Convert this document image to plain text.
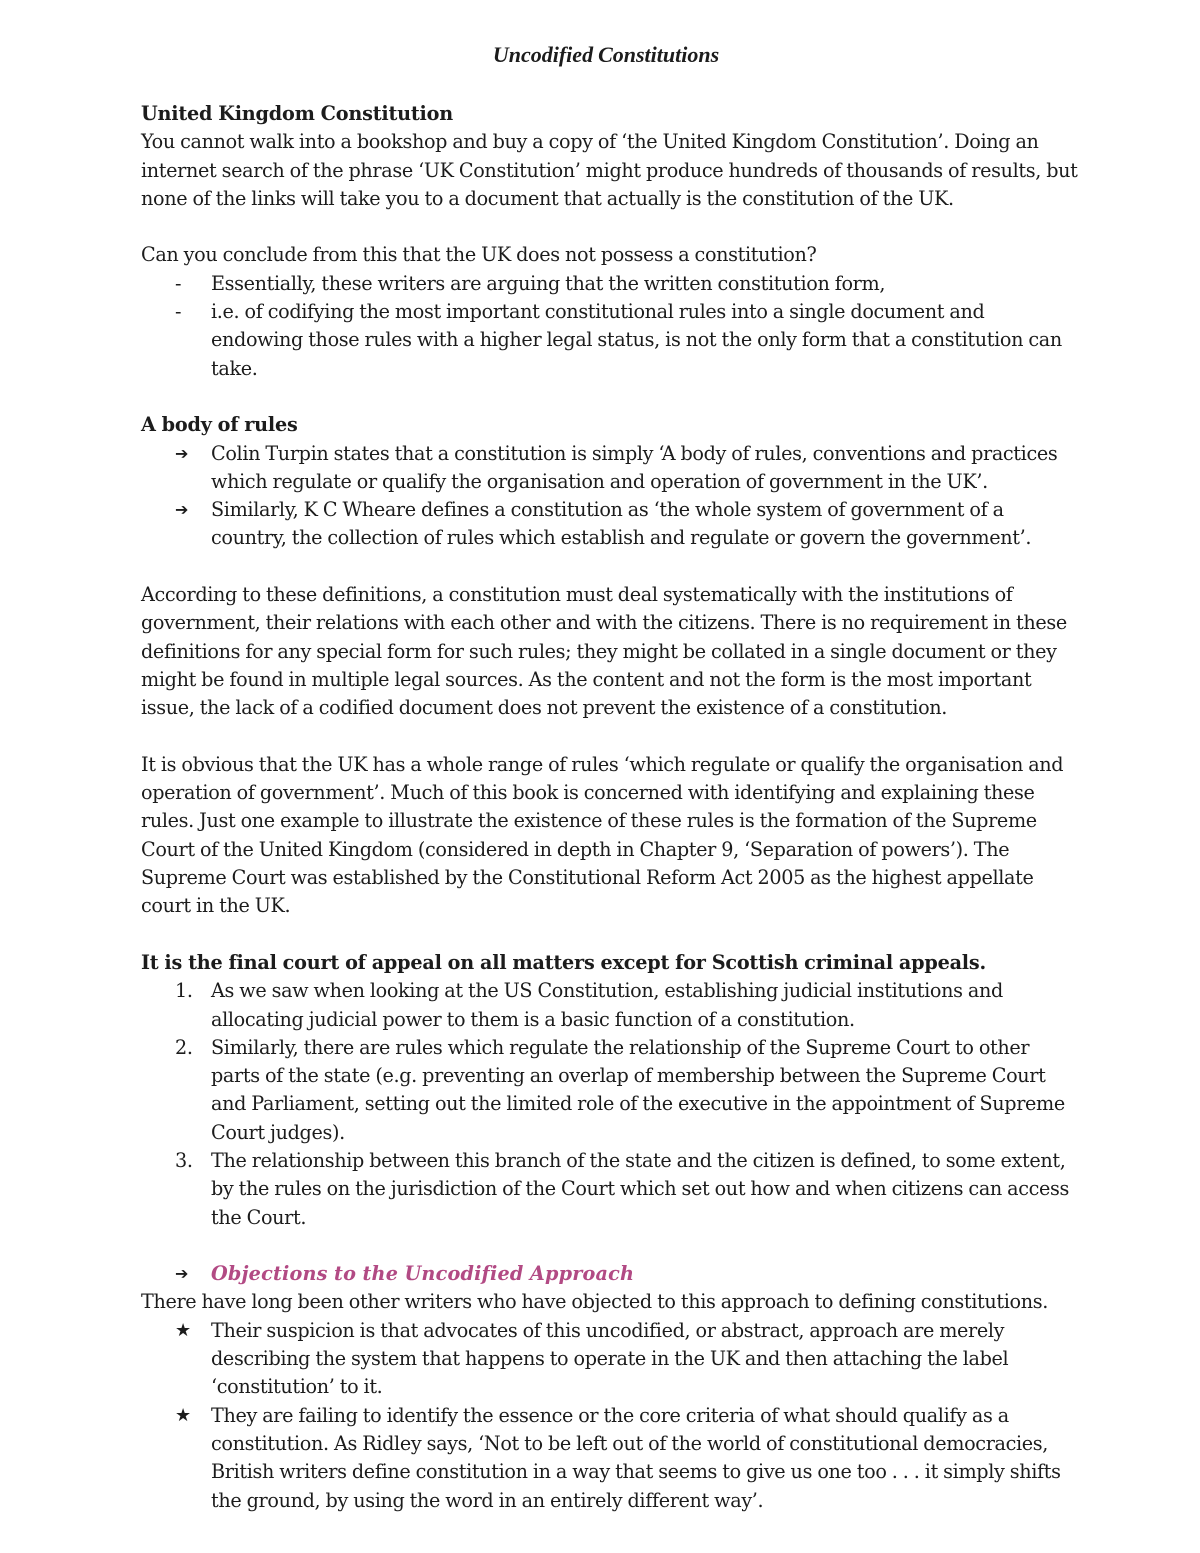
Uncodified Constitutions
United Kingdom Constitution

You cannot walk into a bookshop and buy a copy of ‘the United Kingdom Constitution’. Doing an internet search of the phrase ‘UK Constitution’ might produce hundreds of thousands of results, but none of the links will take you to a document that actually is the constitution of the UK.

Can you conclude from this that the UK does not possess a constitution?

-	Essentially, these writers are arguing that the written constitution form,
-	i.e. of codifying the most important constitutional rules into a single document and endowing those rules with a higher legal status, is not the only form that a constitution can take.
A body of rules
➔	Colin Turpin states that a constitution is simply ‘A body of rules, conventions and practices which regulate or qualify the organisation and operation of government in the UK’.
➔	Similarly, K C Wheare defines a constitution as ‘the whole system of government of a country, the collection of rules which establish and regulate or govern the government’.

According to these definitions, a constitution must deal systematically with the institutions of government, their relations with each other and with the citizens. There is no requirement in these definitions for any special form for such rules; they might be collated in a single document or they might be found in multiple legal sources. As the content and not the form is the most important issue, the lack of a codified document does not prevent the existence of a constitution.

It is obvious that the UK has a whole range of rules ‘which regulate or qualify the organisation and operation of government’. Much of this book is concerned with identifying and explaining these rules. Just one example to illustrate the existence of these rules is the formation of the Supreme Court of the United Kingdom (considered in depth in Chapter 9, ‘Separation of powers’). The Supreme Court was established by the Constitutional Reform Act 2005 as the highest appellate court in the UK.

It is the final court of appeal on all matters except for Scottish criminal appeals.
1. As we saw when looking at the US Constitution, establishing judicial institutions and allocating judicial power to them is a basic function of a constitution.
2. Similarly, there are rules which regulate the relationship of the Supreme Court to other parts of the state (e.g. preventing an overlap of membership between the Supreme Court and Parliament, setting out the limited role of the executive in the appointment of Supreme Court judges).
3. The relationship between this branch of the state and the citizen is defined, to some extent, by the rules on the jurisdiction of the Court which set out how and when citizens can access the Court.
➔	Objections to the Uncodified Approach

There have long been other writers who have objected to this approach to defining constitutions.

★	Their suspicion is that advocates of this uncodified, or abstract, approach are merely describing the system that happens to operate in the UK and then attaching the label ‘constitution’ to it.
★	They are failing to identify the essence or the core criteria of what should qualify as a constitution. As Ridley says, ‘Not to be left out of the world of constitutional democracies, British writers define constitution in a way that seems to give us one too . . . it simply shifts the ground, by using the word in an entirely different way’.
